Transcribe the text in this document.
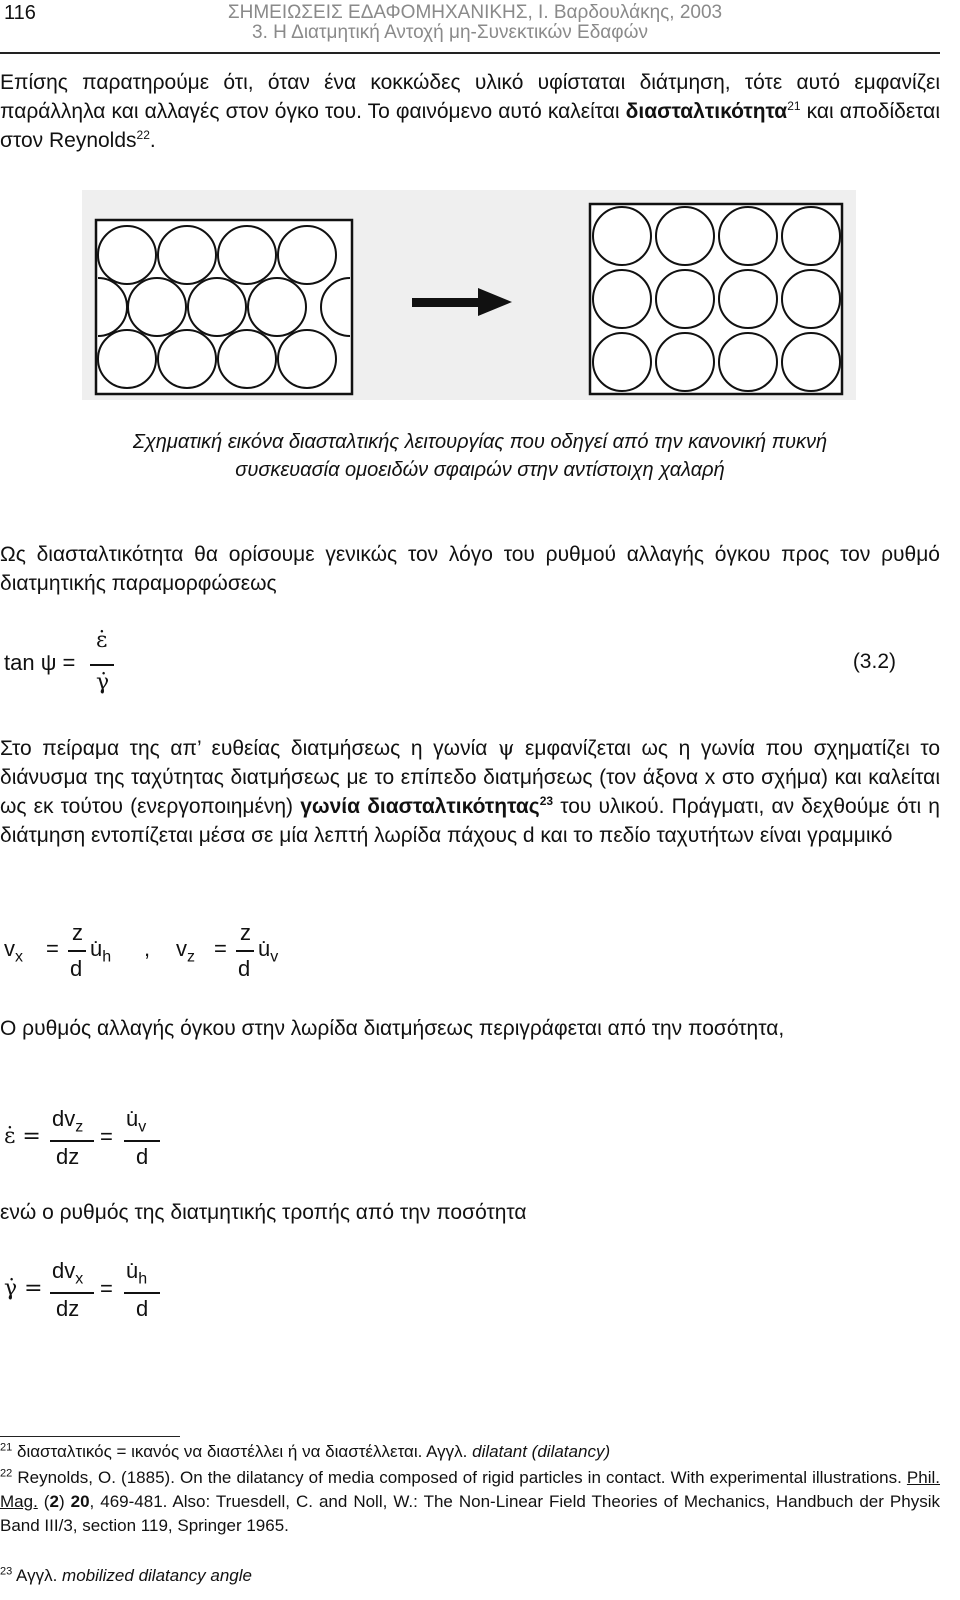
116	ΣΗΜΕΙΩΣΕΙΣ ΕΔΑΦΟΜΗΧΑΝΙΚΗΣ, Ι. Βαρδουλάκης, 2003
3. Η Διατμητική Αντοχή μη-Συνεκτικών Εδαφών
Επίσης παρατηρούμε ότι, όταν ένα κοκκώδες υλικό υφίσταται διάτμηση, τότε αυτό εμφανίζει παράλληλα και αλλαγές στον όγκο του. Το φαινόμενο αυτό καλείται διασταλτικότητα$^{21}$ και αποδίδεται στον Reynolds$^{22}$.
Σχηματική εικόνα διασταλτικής λειτουργίας που οδηγεί από την κανονική πυκνή
συσκευασία ομοειδών σφαιρών στην αντίστοιχη χαλαρή
Ως διασταλτικότητα θα ορίσουμε γενικώς τον λόγο του ρυθμού αλλαγής όγκου προς τον ρυθμό διατμητικής παραμορφώσεως
tan ψ =
ε̇
γ̇
(3.2)
Στο πείραμα της απ’ ευθείας διατμήσεως η γωνία ψ εμφανίζεται ως η γωνία που σχηματίζει το διάνυσμα της ταχύτητας διατμήσεως με το επίπεδο διατμήσεως (τον άξονα x στο σχήμα) και καλείται ως εκ τούτου (ενεργοποιημένη) γωνία διασταλτικότητας$^{23}$ του υλικού. Πράγματι, αν δεχθούμε ότι η διάτμηση εντοπίζεται μέσα σε μία λεπτή λωρίδα πάχους d και το πεδίο ταχυτήτων είναι γραμμικό
$v_x$ =
z
d
$u̇_h$ , $v_z$ =
z
d
$u̇_v$
Ο ρυθμός αλλαγής όγκου στην λωρίδα διατμήσεως περιγράφεται από την ποσότητα,
ε̇ =
$dv_z$
dz
=
$u̇_v$
d
ενώ ο ρυθμός της διατμητικής τροπής από την ποσότητα
γ̇ =
$dv_x$
dz
=
$u̇_h$
d
$^{21}$ διασταλτικός = ικανός να διαστέλλει ή να διαστέλλεται. Αγγλ. dilatant (dilatancy)
$^{22}$ Reynolds, O. (1885). On the dilatancy of media composed of rigid particles in contact. With experimental illustrations. Phil. Mag. (2) 20, 469-481. Also: Truesdell, C. and Noll, W.: The Non-Linear Field Theories of Mechanics, Handbuch der Physik Band III/3, section 119, Springer 1965.
$^{23}$ Αγγλ. mobilized dilatancy angle
